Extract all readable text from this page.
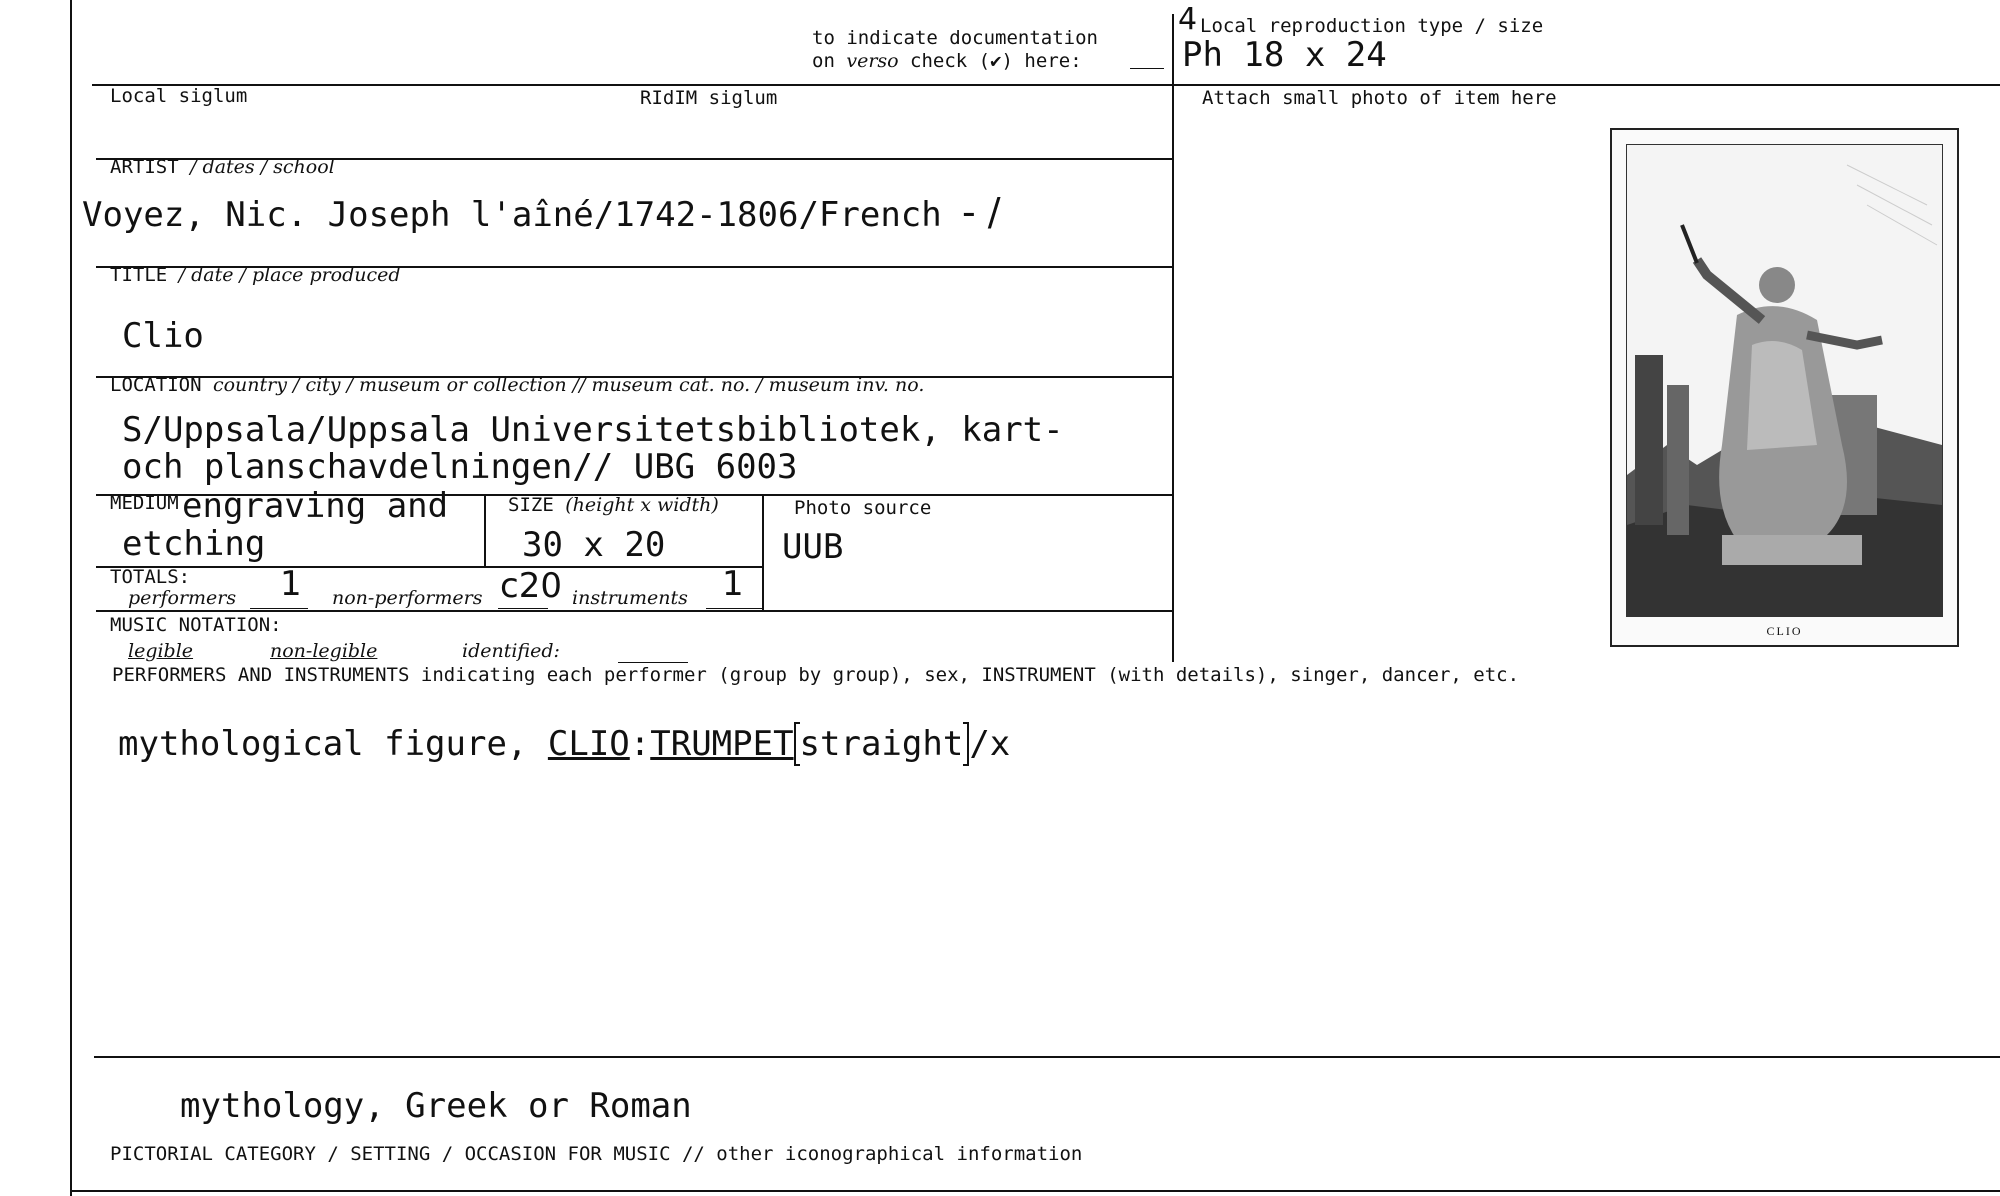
to indicate documentation
on verso check (✔) here:
4 Local reproduction type / size
Ph 18 x 24
Local siglum	RIdIM siglum	Attach small photo of item here
ARTIST / dates / school
Voyez, Nic. Joseph l'aîné/1742-1806/French - /
TITLE / date / place produced
Clio
LOCATION country / city / museum or collection // museum cat. no. / museum inv. no.
S/Uppsala/Uppsala Universitetsbibliotek, kart-
och planschavdelningen// UBG 6003
MEDIUM engraving and
etching
SIZE (height x width)
30 x 20
Photo source
UUB
TOTALS:
performers 1 non-performers c20 instruments 1
MUSIC NOTATION:
legible	non-legible	identified:
PERFORMERS AND INSTRUMENTS indicating each performer (group by group), sex, INSTRUMENT (with details), singer, dancer, etc.
mythological figure, CLIO:TRUMPET straight /x
mythology, Greek or Roman
PICTORIAL CATEGORY / SETTING / OCCASION FOR MUSIC // other iconographical information
CLIO
